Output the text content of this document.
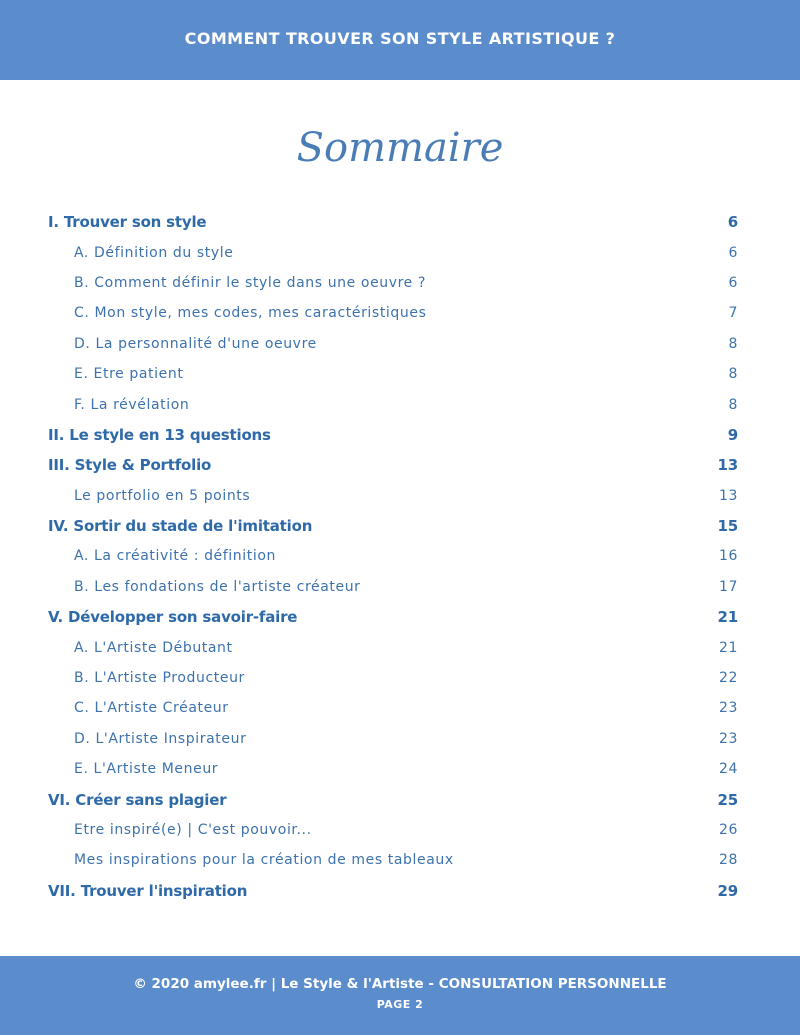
COMMENT TROUVER SON STYLE ARTISTIQUE ?
Sommaire
I. Trouver son style	6
A. Définition du style	6
B. Comment définir le style dans une oeuvre ?	6
C. Mon style, mes codes, mes caractéristiques	7
D. La personnalité d'une oeuvre	8
E. Etre patient	8
F. La révélation	8
II. Le style en 13 questions	9
III. Style & Portfolio	13
Le portfolio en 5 points	13
IV. Sortir du stade de l'imitation	15
A. La créativité : définition	16
B. Les fondations de l'artiste créateur	17
V. Développer son savoir-faire	21
A. L'Artiste Débutant	21
B. L'Artiste Producteur	22
C. L'Artiste Créateur	23
D. L'Artiste Inspirateur	23
E. L'Artiste Meneur	24
VI. Créer sans plagier	25
Etre inspiré(e) | C'est pouvoir...	26
Mes inspirations pour la création de mes tableaux	28
VII. Trouver l'inspiration	29
© 2020 amylee.fr | Le Style & l'Artiste - CONSULTATION PERSONNELLE
PAGE 2
